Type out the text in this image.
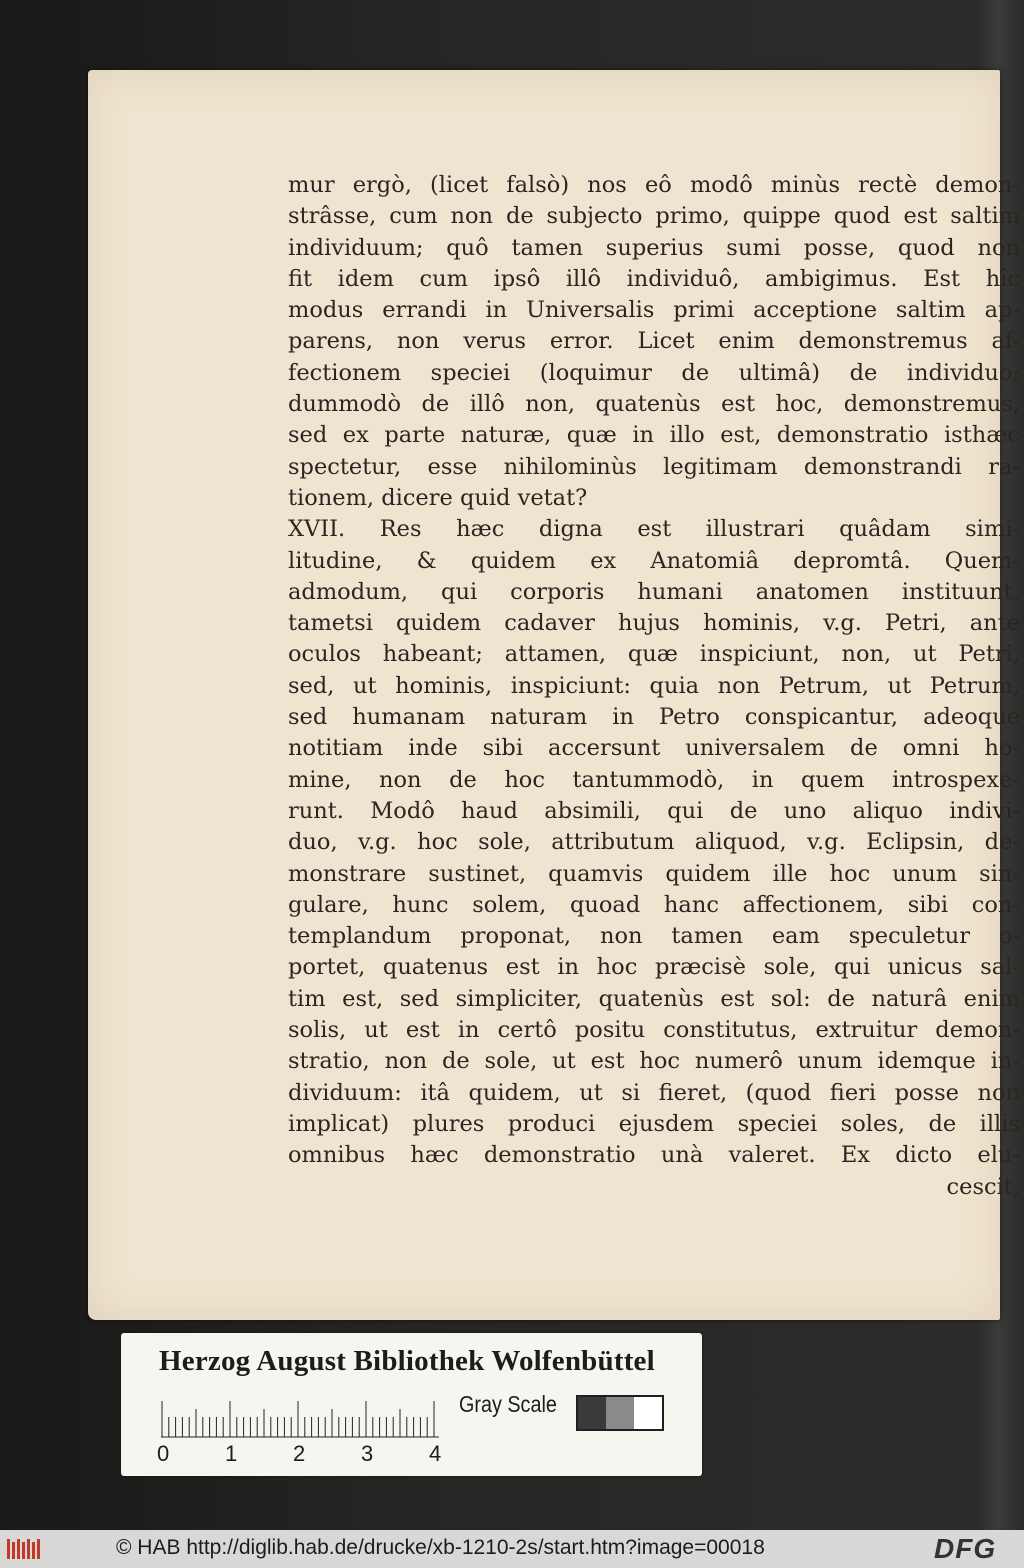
mur ergò, (licet falsò) nos eô modô minùs rectè demon-
strâsse, cum non de subjecto primo, quippe quod est saltim
individuum; quô tamen superius sumi posse, quod non
fit idem cum ipsô illô individuô, ambigimus. Est hîc
modus errandi in Universalis primi acceptione saltim ap-
parens, non verus error. Licet enim demonstremus af-
fectionem speciei (loquimur de ultimâ) de individuo;
dummodò de illô non, quatenùs est hoc, demonstremus,
sed ex parte naturæ, quæ in illo est, demonstratio isthæc
spectetur, esse nihilominùs legitimam demonstrandi ra-
tionem, dicere quid vetat?
XVII. Res hæc digna est illustrari quâdam simi-
litudine, & quidem ex Anatomiâ depromtâ. Quem-
admodum, qui corporis humani anatomen instituunt,
tametsi quidem cadaver hujus hominis, v.g. Petri, ante
oculos habeant; attamen, quæ inspiciunt, non, ut Petri,
sed, ut hominis, inspiciunt: quia non Petrum, ut Petrum,
sed humanam naturam in Petro conspicantur, adeoque
notitiam inde sibi accersunt universalem de omni ho-
mine, non de hoc tantummodò, in quem introspexe-
runt. Modô haud absimili, qui de uno aliquo indivi-
duo, v.g. hoc sole, attributum aliquod, v.g. Eclipsin, de-
monstrare sustinet, quamvis quidem ille hoc unum sin-
gulare, hunc solem, quoad hanc affectionem, sibi con-
templandum proponat, non tamen eam speculetur o-
portet, quatenus est in hoc præcisè sole, qui unicus sal-
tim est, sed simpliciter, quatenùs est sol: de naturâ enim
solis, ut est in certô positu constitutus, extruitur demon-
stratio, non de sole, ut est hoc numerô unum idemque in-
dividuum: itâ quidem, ut si fieret, (quod fieri posse non
implicat) plures produci ejusdem speciei soles, de illis
omnibus hæc demonstratio unà valeret. Ex dicto elu-
cescit,
Herzog August Bibliothek Wolfenbüttel
0	1	2	3	4
Gray Scale
© HAB http://diglib.hab.de/drucke/xb-1210-2s/start.htm?image=00018	DFG
